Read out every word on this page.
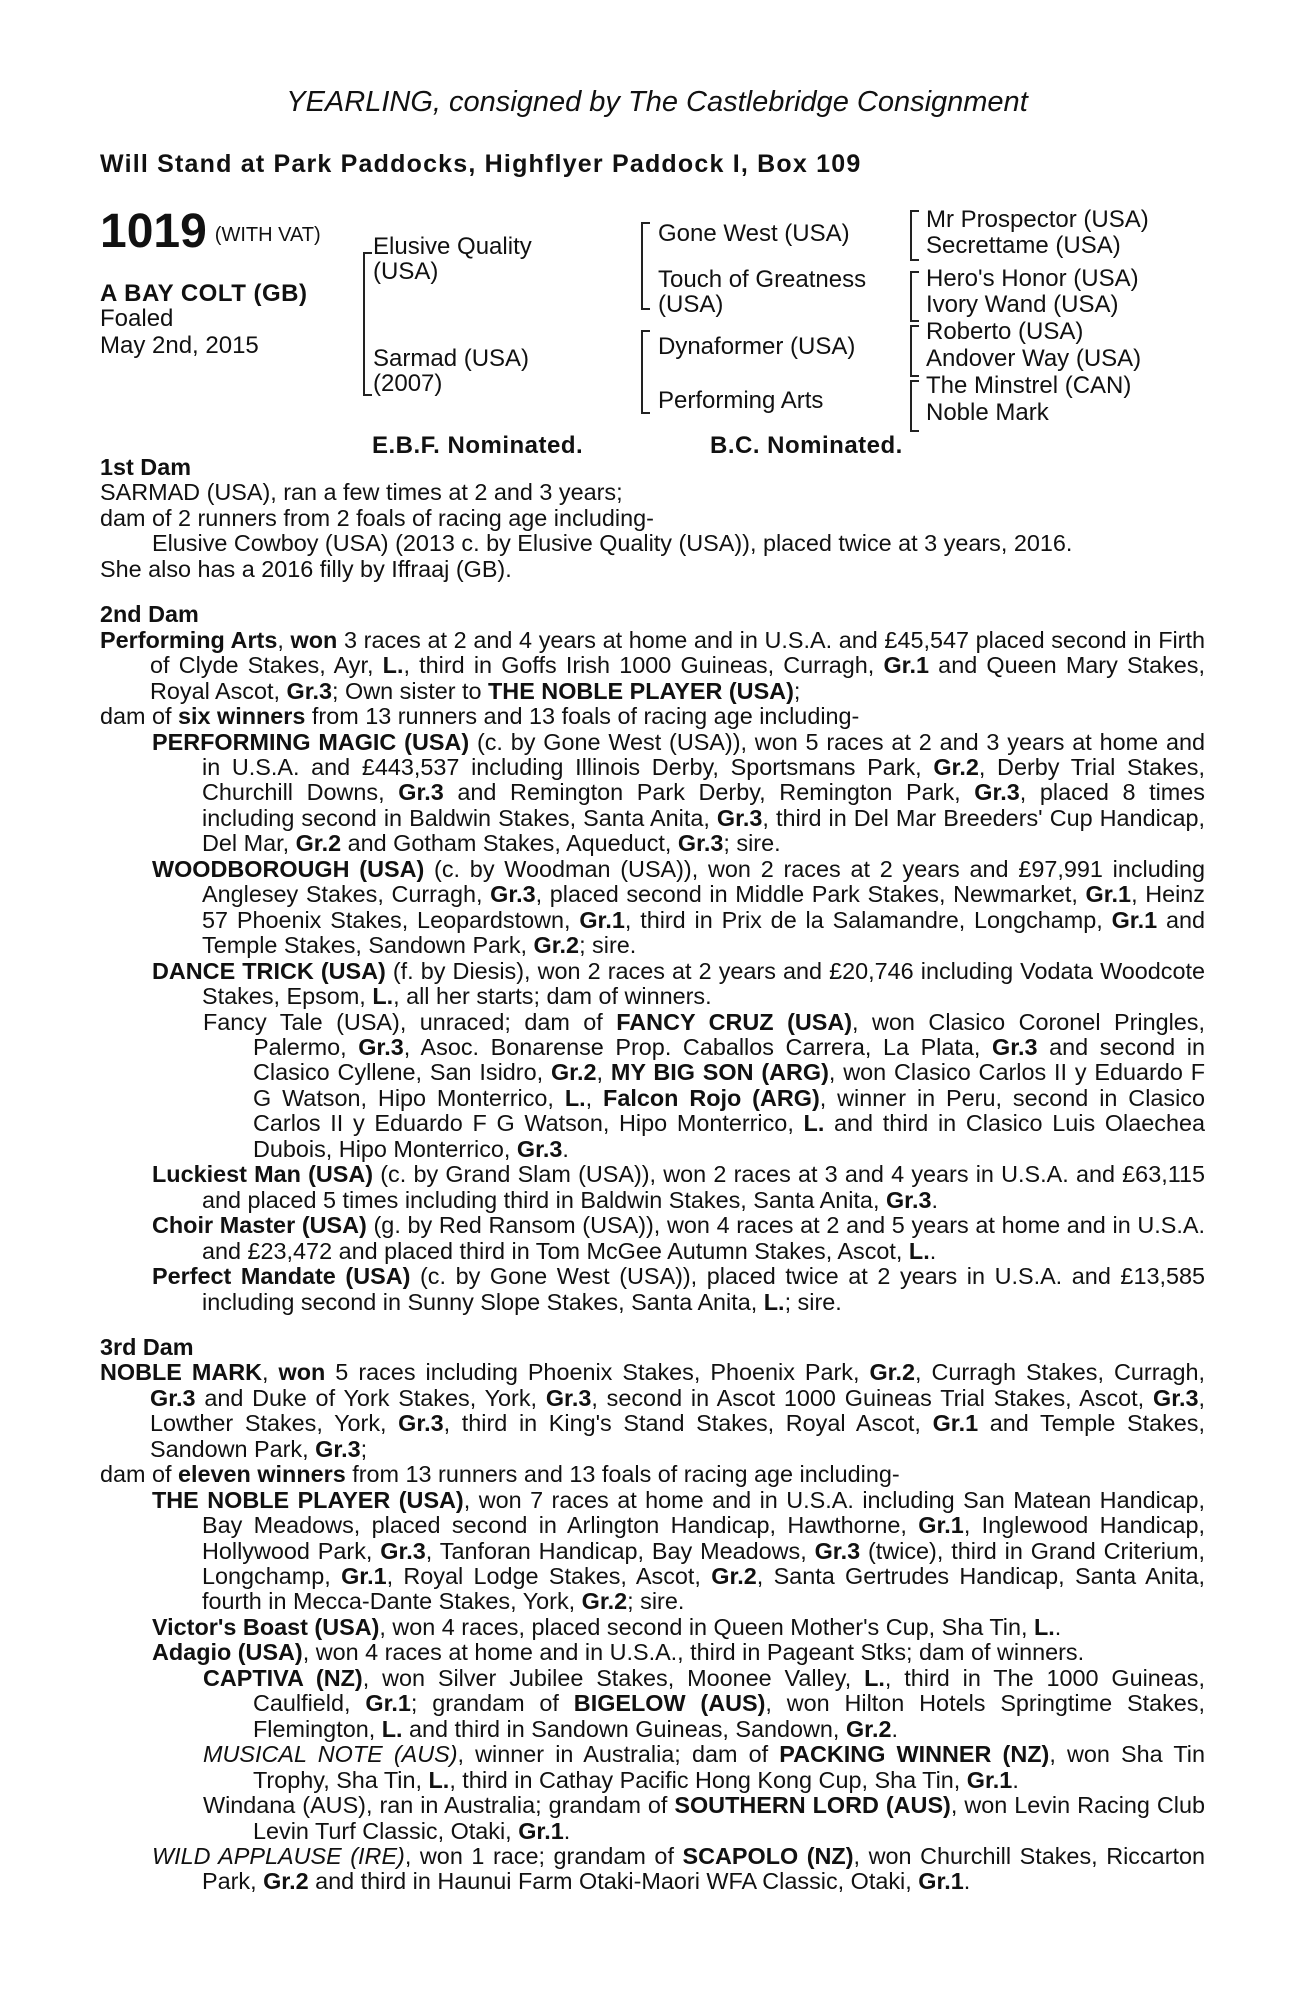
YEARLING, consigned by The Castlebridge Consignment
Will Stand at Park Paddocks, Highflyer Paddock I, Box 109
1019 (WITH VAT)
A BAY COLT (GB)
Foaled
May 2nd, 2015
Elusive Quality
(USA)
Sarmad (USA)
(2007)
Gone West (USA)
Touch of Greatness
(USA)
Dynaformer (USA)
Performing Arts
Mr Prospector (USA)
Secrettame (USA)
Hero's Honor (USA)
Ivory Wand (USA)
Roberto (USA)
Andover Way (USA)
The Minstrel (CAN)
Noble Mark
E.B.F. Nominated.	B.C. Nominated.
1st Dam
SARMAD (USA), ran a few times at 2 and 3 years;
dam of 2 runners from 2 foals of racing age including-
Elusive Cowboy (USA) (2013 c. by Elusive Quality (USA)), placed twice at 3 years, 2016.
She also has a 2016 filly by Iffraaj (GB).
2nd Dam
Performing Arts, won 3 races at 2 and 4 years at home and in U.S.A. and £45,547 placed second in Firth of Clyde Stakes, Ayr, L., third in Goffs Irish 1000 Guineas, Curragh, Gr.1 and Queen Mary Stakes, Royal Ascot, Gr.3; Own sister to THE NOBLE PLAYER (USA);
dam of six winners from 13 runners and 13 foals of racing age including-
PERFORMING MAGIC (USA) (c. by Gone West (USA)), won 5 races at 2 and 3 years at home and in U.S.A. and £443,537 including Illinois Derby, Sportsmans Park, Gr.2, Derby Trial Stakes, Churchill Downs, Gr.3 and Remington Park Derby, Remington Park, Gr.3, placed 8 times including second in Baldwin Stakes, Santa Anita, Gr.3, third in Del Mar Breeders' Cup Handicap, Del Mar, Gr.2 and Gotham Stakes, Aqueduct, Gr.3; sire.
WOODBOROUGH (USA) (c. by Woodman (USA)), won 2 races at 2 years and £97,991 including Anglesey Stakes, Curragh, Gr.3, placed second in Middle Park Stakes, Newmarket, Gr.1, Heinz 57 Phoenix Stakes, Leopardstown, Gr.1, third in Prix de la Salamandre, Longchamp, Gr.1 and Temple Stakes, Sandown Park, Gr.2; sire.
DANCE TRICK (USA) (f. by Diesis), won 2 races at 2 years and £20,746 including Vodata Woodcote Stakes, Epsom, L., all her starts; dam of winners.
Fancy Tale (USA), unraced; dam of FANCY CRUZ (USA), won Clasico Coronel Pringles, Palermo, Gr.3, Asoc. Bonarense Prop. Caballos Carrera, La Plata, Gr.3 and second in Clasico Cyllene, San Isidro, Gr.2, MY BIG SON (ARG), won Clasico Carlos II y Eduardo F G Watson, Hipo Monterrico, L., Falcon Rojo (ARG), winner in Peru, second in Clasico Carlos II y Eduardo F G Watson, Hipo Monterrico, L. and third in Clasico Luis Olaechea Dubois, Hipo Monterrico, Gr.3.
Luckiest Man (USA) (c. by Grand Slam (USA)), won 2 races at 3 and 4 years in U.S.A. and £63,115 and placed 5 times including third in Baldwin Stakes, Santa Anita, Gr.3.
Choir Master (USA) (g. by Red Ransom (USA)), won 4 races at 2 and 5 years at home and in U.S.A. and £23,472 and placed third in Tom McGee Autumn Stakes, Ascot, L..
Perfect Mandate (USA) (c. by Gone West (USA)), placed twice at 2 years in U.S.A. and £13,585 including second in Sunny Slope Stakes, Santa Anita, L.; sire.
3rd Dam
NOBLE MARK, won 5 races including Phoenix Stakes, Phoenix Park, Gr.2, Curragh Stakes, Curragh, Gr.3 and Duke of York Stakes, York, Gr.3, second in Ascot 1000 Guineas Trial Stakes, Ascot, Gr.3, Lowther Stakes, York, Gr.3, third in King's Stand Stakes, Royal Ascot, Gr.1 and Temple Stakes, Sandown Park, Gr.3;
dam of eleven winners from 13 runners and 13 foals of racing age including-
THE NOBLE PLAYER (USA), won 7 races at home and in U.S.A. including San Matean Handicap, Bay Meadows, placed second in Arlington Handicap, Hawthorne, Gr.1, Inglewood Handicap, Hollywood Park, Gr.3, Tanforan Handicap, Bay Meadows, Gr.3 (twice), third in Grand Criterium, Longchamp, Gr.1, Royal Lodge Stakes, Ascot, Gr.2, Santa Gertrudes Handicap, Santa Anita, fourth in Mecca-Dante Stakes, York, Gr.2; sire.
Victor's Boast (USA), won 4 races, placed second in Queen Mother's Cup, Sha Tin, L..
Adagio (USA), won 4 races at home and in U.S.A., third in Pageant Stks; dam of winners.
CAPTIVA (NZ), won Silver Jubilee Stakes, Moonee Valley, L., third in The 1000 Guineas, Caulfield, Gr.1; grandam of BIGELOW (AUS), won Hilton Hotels Springtime Stakes, Flemington, L. and third in Sandown Guineas, Sandown, Gr.2.
MUSICAL NOTE (AUS), winner in Australia; dam of PACKING WINNER (NZ), won Sha Tin Trophy, Sha Tin, L., third in Cathay Pacific Hong Kong Cup, Sha Tin, Gr.1.
Windana (AUS), ran in Australia; grandam of SOUTHERN LORD (AUS), won Levin Racing Club Levin Turf Classic, Otaki, Gr.1.
WILD APPLAUSE (IRE), won 1 race; grandam of SCAPOLO (NZ), won Churchill Stakes, Riccarton Park, Gr.2 and third in Haunui Farm Otaki-Maori WFA Classic, Otaki, Gr.1.
